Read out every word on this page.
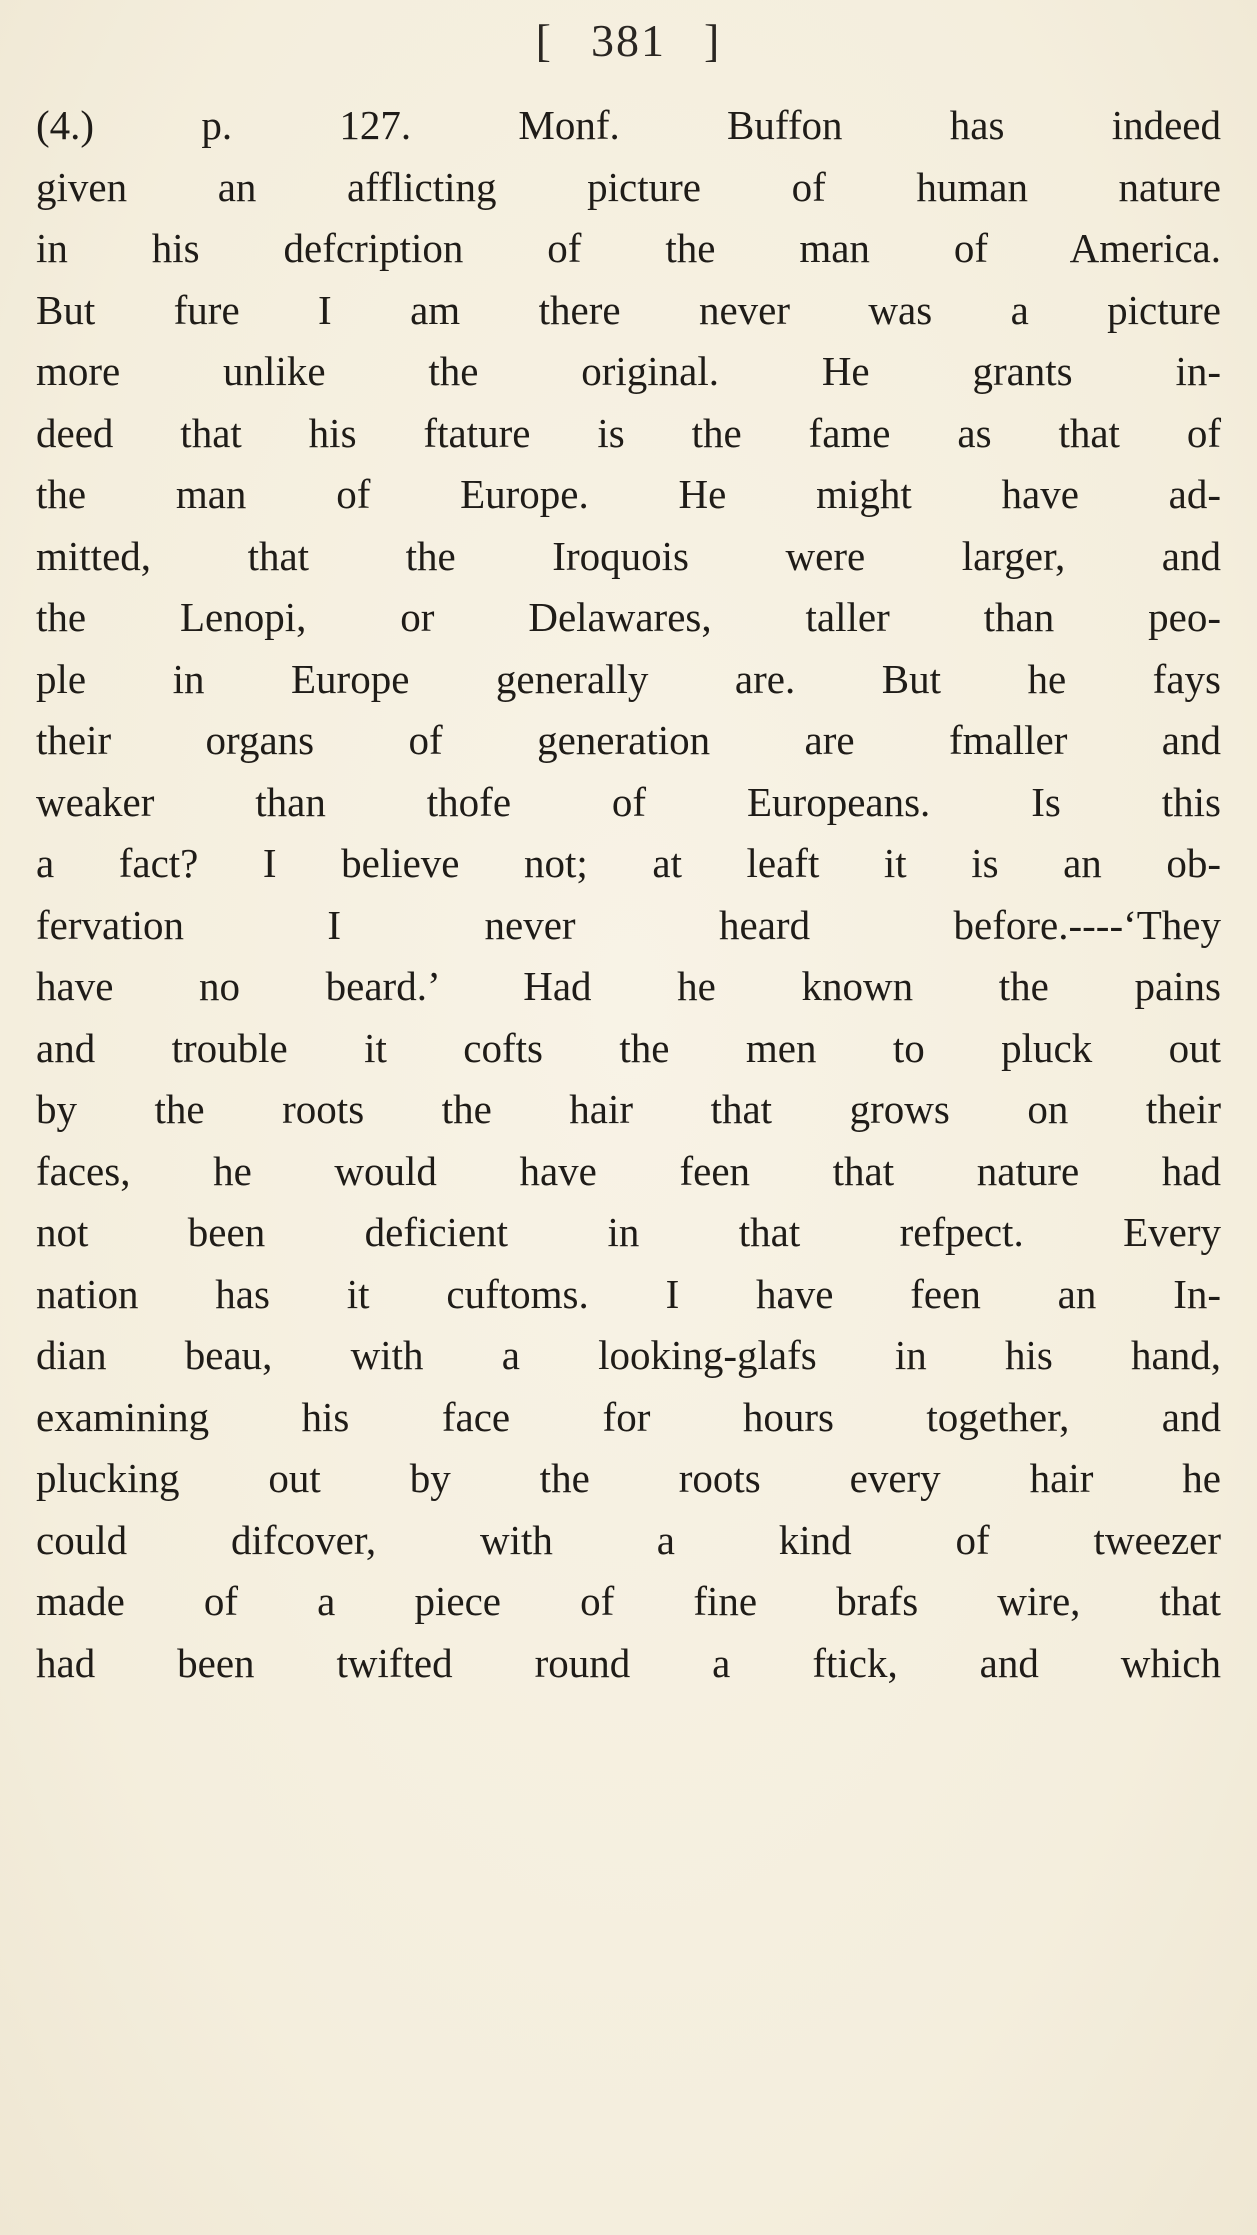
[ 381 ]
(4.) p. 127. Monf. Buffon has indeed
given an afflicting picture of human nature
in his defcription of the man of America.
But fure I am there never was a picture
more unlike the original. He grants in-
deed that his ftature is the fame as that of
the man of Europe. He might have ad-
mitted, that the Iroquois were larger, and
the Lenopi, or Delawares, taller than peo-
ple in Europe generally are. But he fays
their organs of generation are fmaller and
weaker than thofe of Europeans. Is this
a fact? I believe not; at leaft it is an ob-
fervation I never heard before.----‘They
have no beard.’ Had he known the pains
and trouble it cofts the men to pluck out
by the roots the hair that grows on their
faces, he would have feen that nature had
not been deficient in that refpect. Every
nation has it cuftoms. I have feen an In-
dian beau, with a looking-glafs in his hand,
examining his face for hours together, and
plucking out by the roots every hair he
could difcover, with a kind of tweezer
made of a piece of fine brafs wire, that
had been twifted round a ftick, and which
